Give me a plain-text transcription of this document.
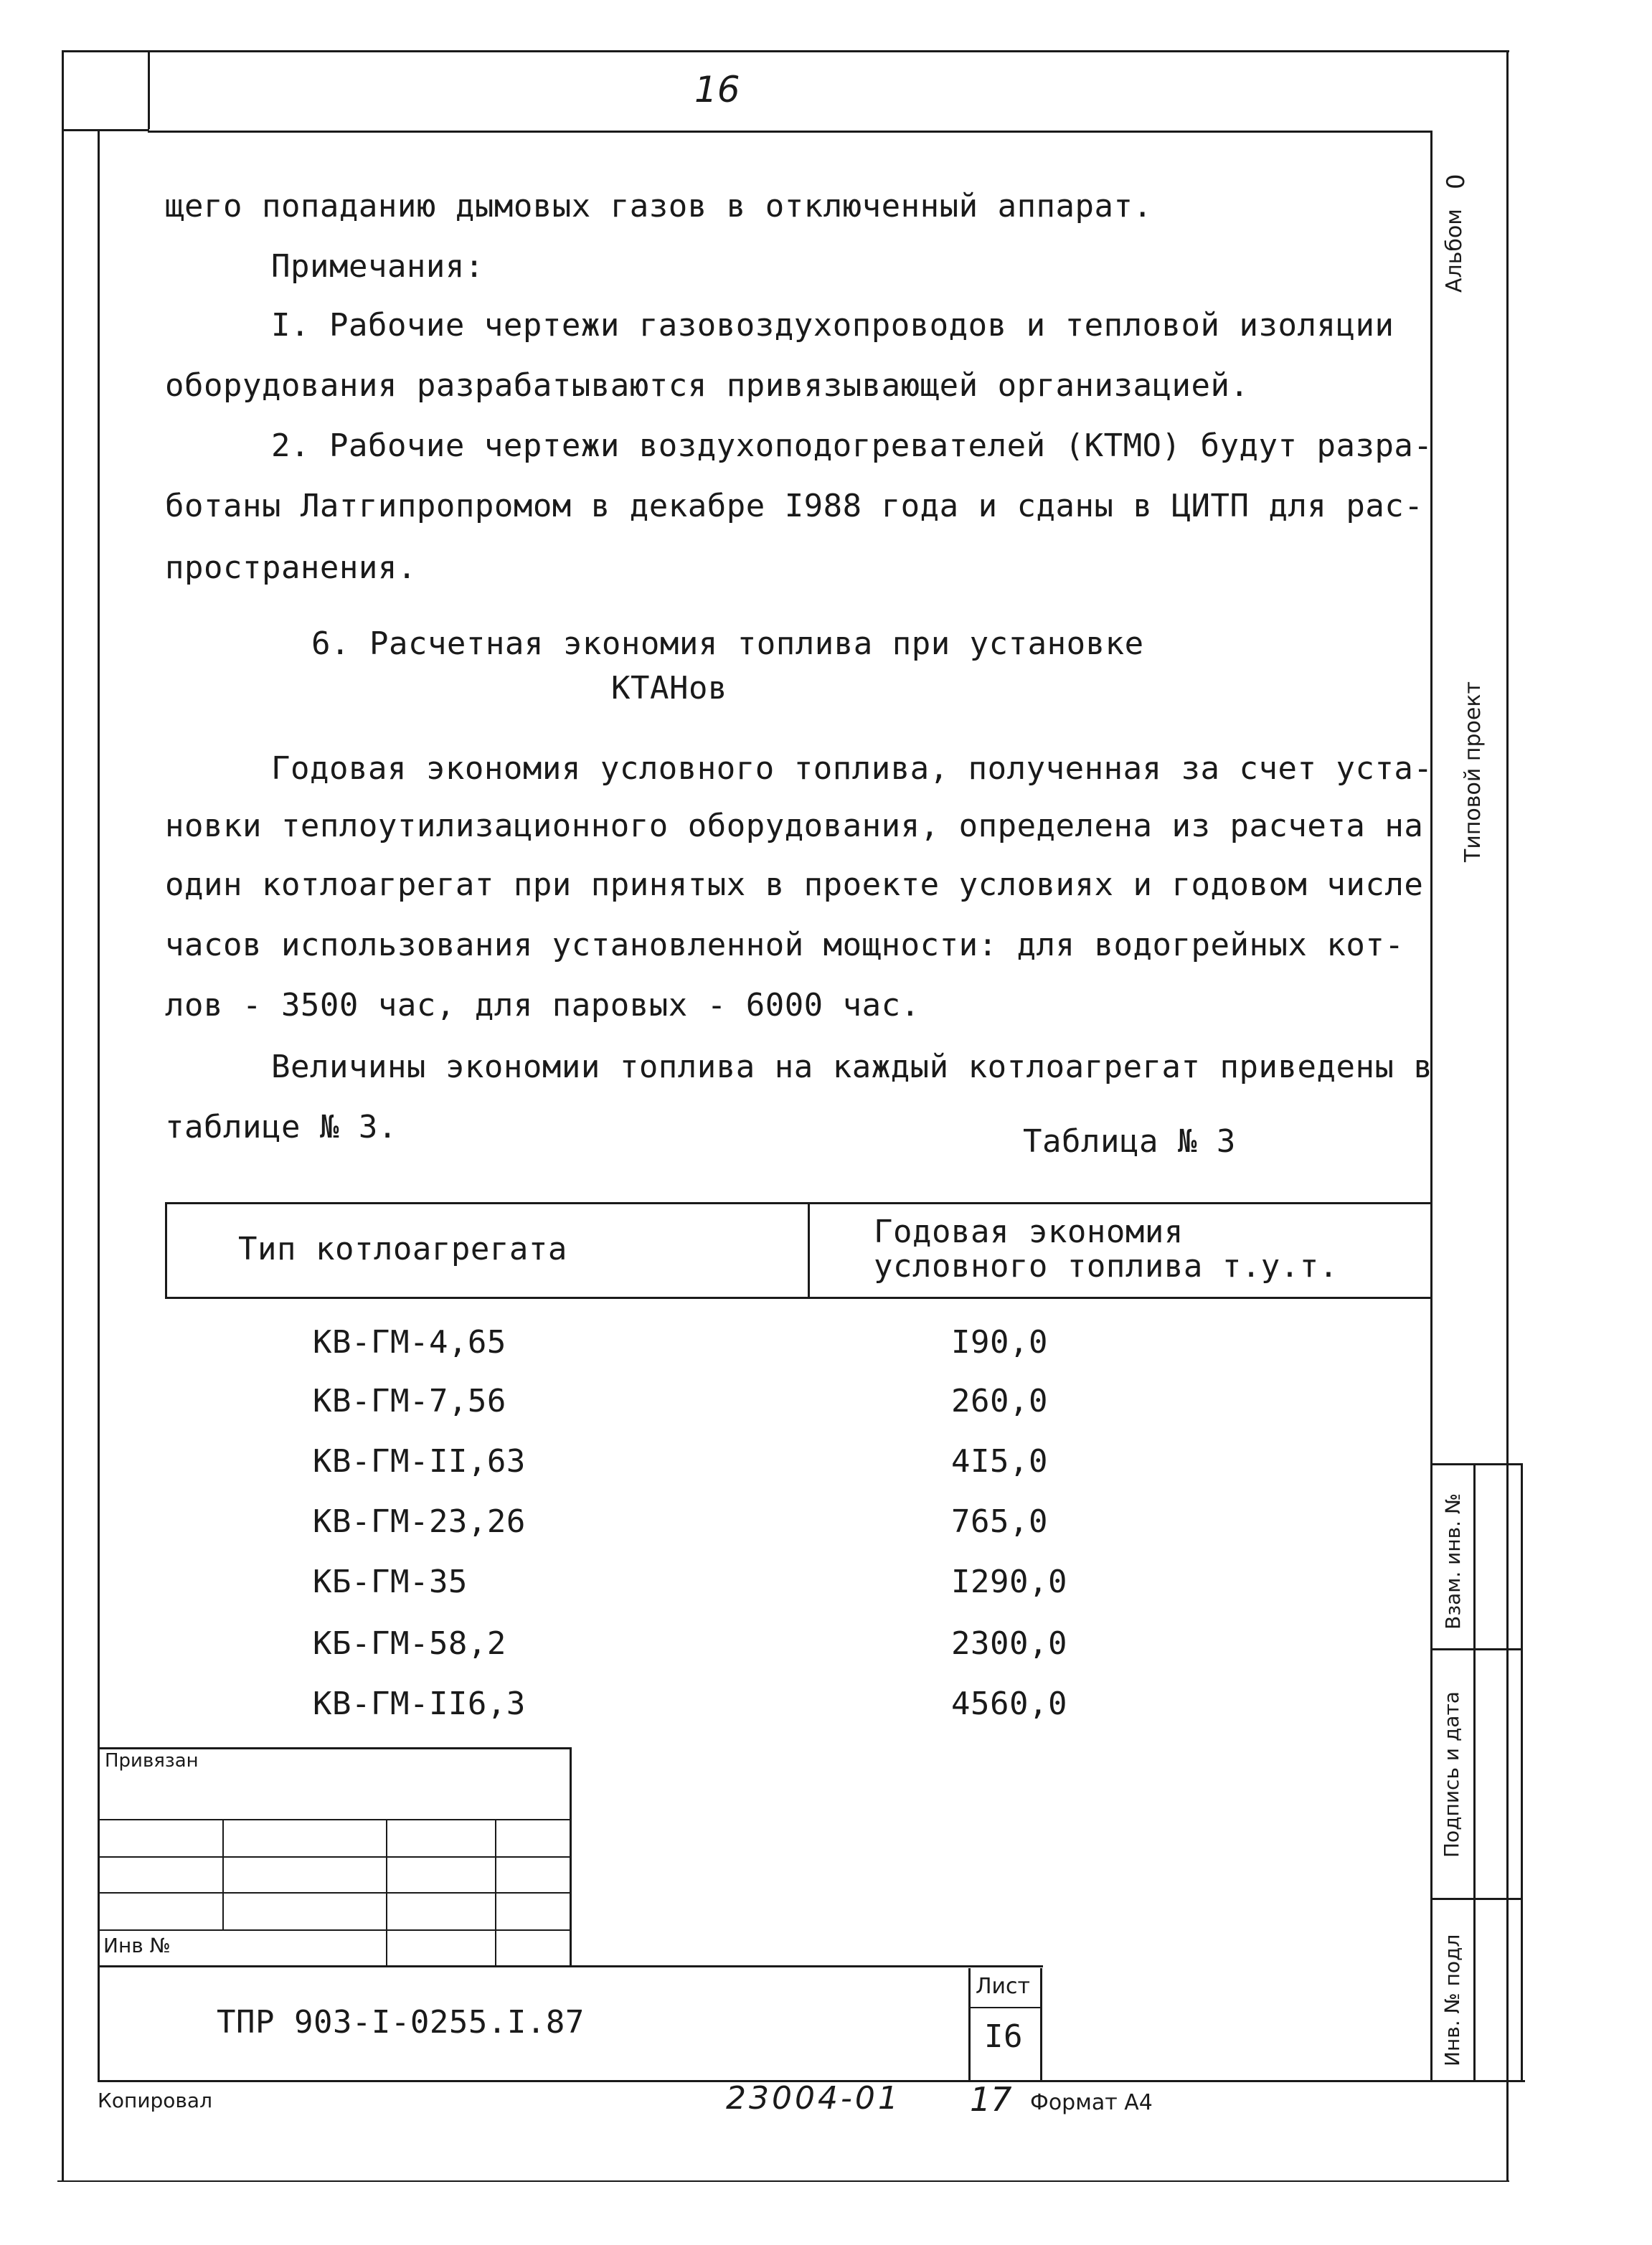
16
щего попаданию дымовых газов в отключенный аппарат.
Примечания:
I. Рабочие чертежи газовоздухопроводов и тепловой изоляции
оборудования разрабатываются привязывающей организацией.
2. Рабочие чертежи воздухоподогревателей (КТМО) будут разра-
ботаны Латгипропромом в декабре I988 года и сданы в ЦИТП для рас-
пространения.
6. Расчетная экономия топлива при установке
КТАНов
Годовая экономия условного топлива, полученная за счет уста-
новки теплоутилизационного оборудования, определена из расчета на
один котлоагрегат при принятых в проекте условиях и годовом числе
часов использования установленной мощности: для водогрейных кот-
лов - 3500 час, для паровых - 6000 час.
Величины экономии топлива на каждый котлоагрегат приведены в
таблице № 3.	Таблица № 3
Тип котлоагрегата	Годовая экономия
условного топлива т.у.т.
КВ-ГМ-4,65	I90,0
КВ-ГМ-7,56	260,0
КВ-ГМ-II,63	4I5,0
КВ-ГМ-23,26	765,0
КБ-ГМ-35	I290,0
КБ-ГМ-58,2	2300,0
КВ-ГМ-II6,3	4560,0
Альбом
0
Типовой проект
Взам. инв. №
Подпись и дата
Инв. № подл
Привязан
Инв №
ТПР 903-I-0255.I.87
Лист
I6
Копировал	23004-01 17 Формат А4
